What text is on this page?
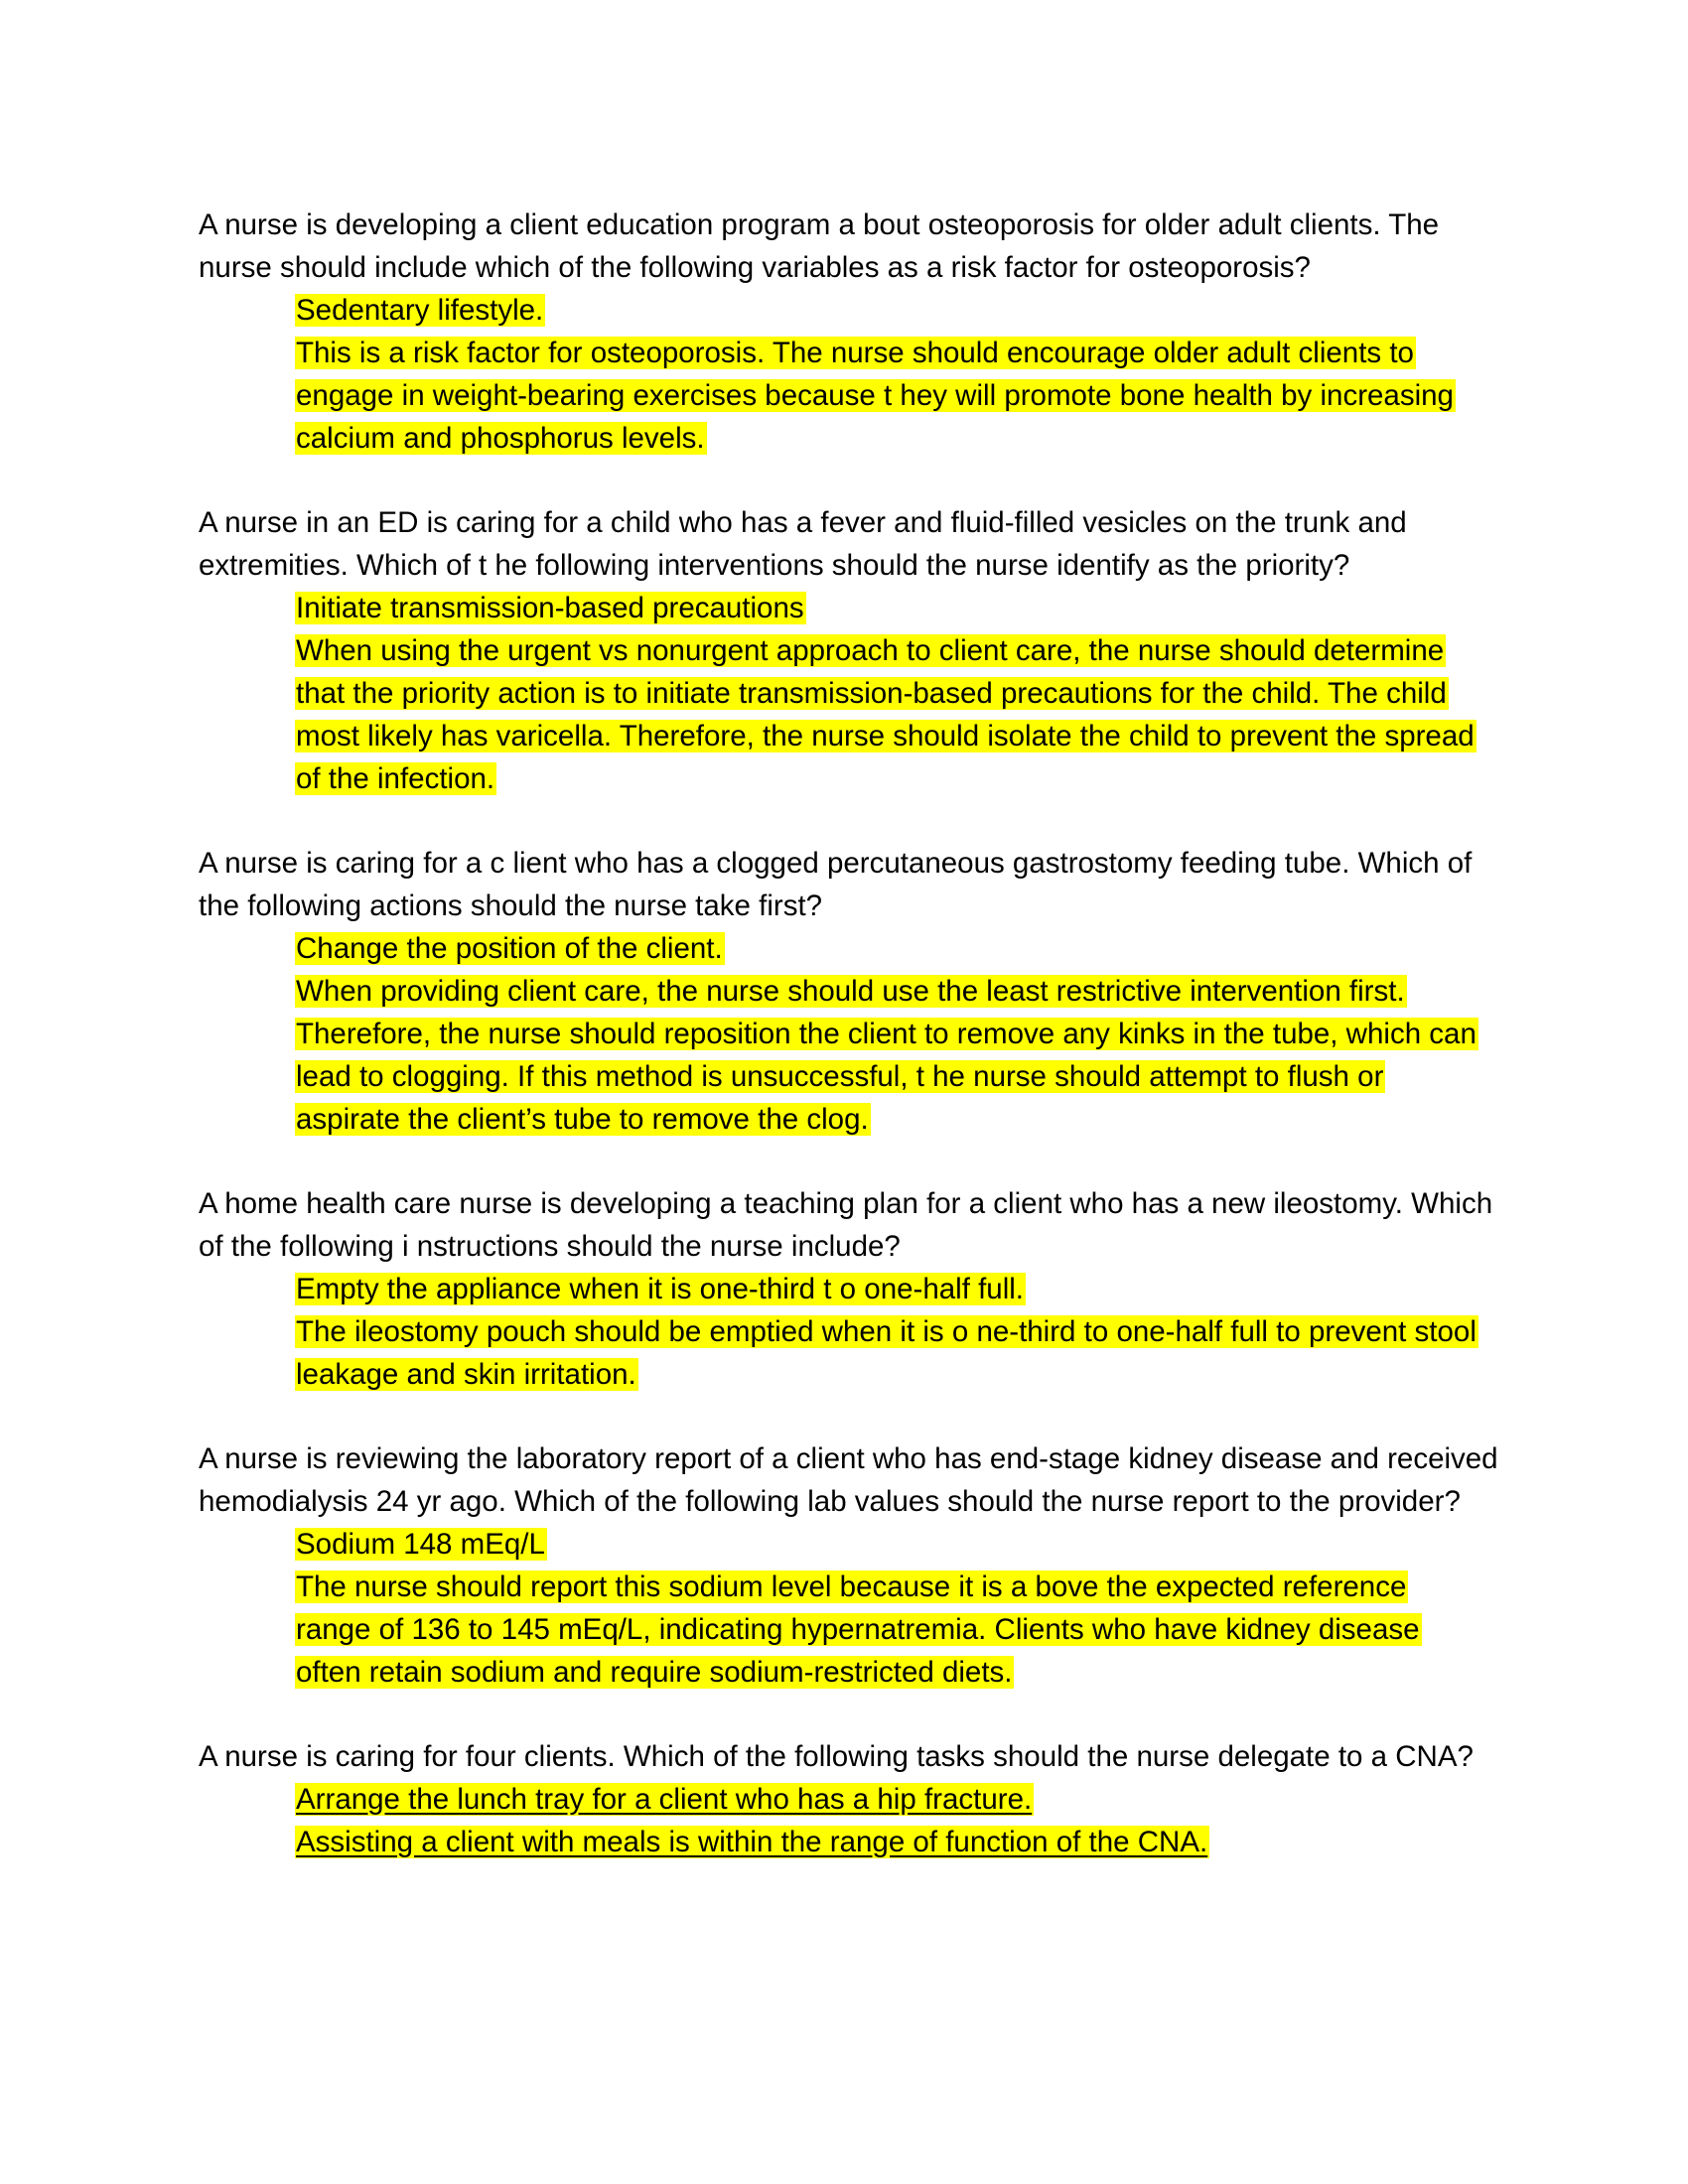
A nurse is developing a client education program a bout osteoporosis for older adult clients. The nurse should include which of the following variables as a risk factor for osteoporosis?

Sedentary lifestyle.
This is a risk factor for osteoporosis. The nurse should encourage older adult clients to engage in weight-bearing exercises because t hey will promote bone health by increasing calcium and phosphorus levels.

A nurse in an ED is caring for a child who has a fever and fluid-filled vesicles on the trunk and extremities. Which of t he following interventions should the nurse identify as the priority?

Initiate transmission-based precautions
When using the urgent vs nonurgent approach to client care, the nurse should determine that the priority action is to initiate transmission-based precautions for the child. The child most likely has varicella. Therefore, the nurse should isolate the child to prevent the spread of the infection.

A nurse is caring for a c lient who has a clogged percutaneous gastrostomy feeding tube. Which of the following actions should the nurse take first?

Change the position of the client.
When providing client care, the nurse should use the least restrictive intervention first. Therefore, the nurse should reposition the client to remove any kinks in the tube, which can lead to clogging. If this method is unsuccessful, t he nurse should attempt to flush or aspirate the client’s tube to remove the clog.

A home health care nurse is developing a teaching plan for a client who has a new ileostomy. Which of the following i nstructions should the nurse include?

Empty the appliance when it is one-third t o one-half full.
The ileostomy pouch should be emptied when it is o ne-third to one-half full to prevent stool leakage and skin irritation.

A nurse is reviewing the laboratory report of a client who has end-stage kidney disease and received hemodialysis 24 yr ago. Which of the following lab values should the nurse report to the provider?

Sodium 148 mEq/L
The nurse should report this sodium level because it is a bove the expected reference range of 136 to 145 mEq/L, indicating hypernatremia. Clients who have kidney disease often retain sodium and require sodium-restricted diets.

A nurse is caring for four clients. Which of the following tasks should the nurse delegate to a CNA?

Arrange the lunch tray for a client who has a hip fracture.
Assisting a client with meals is within the range of function of the CNA.
